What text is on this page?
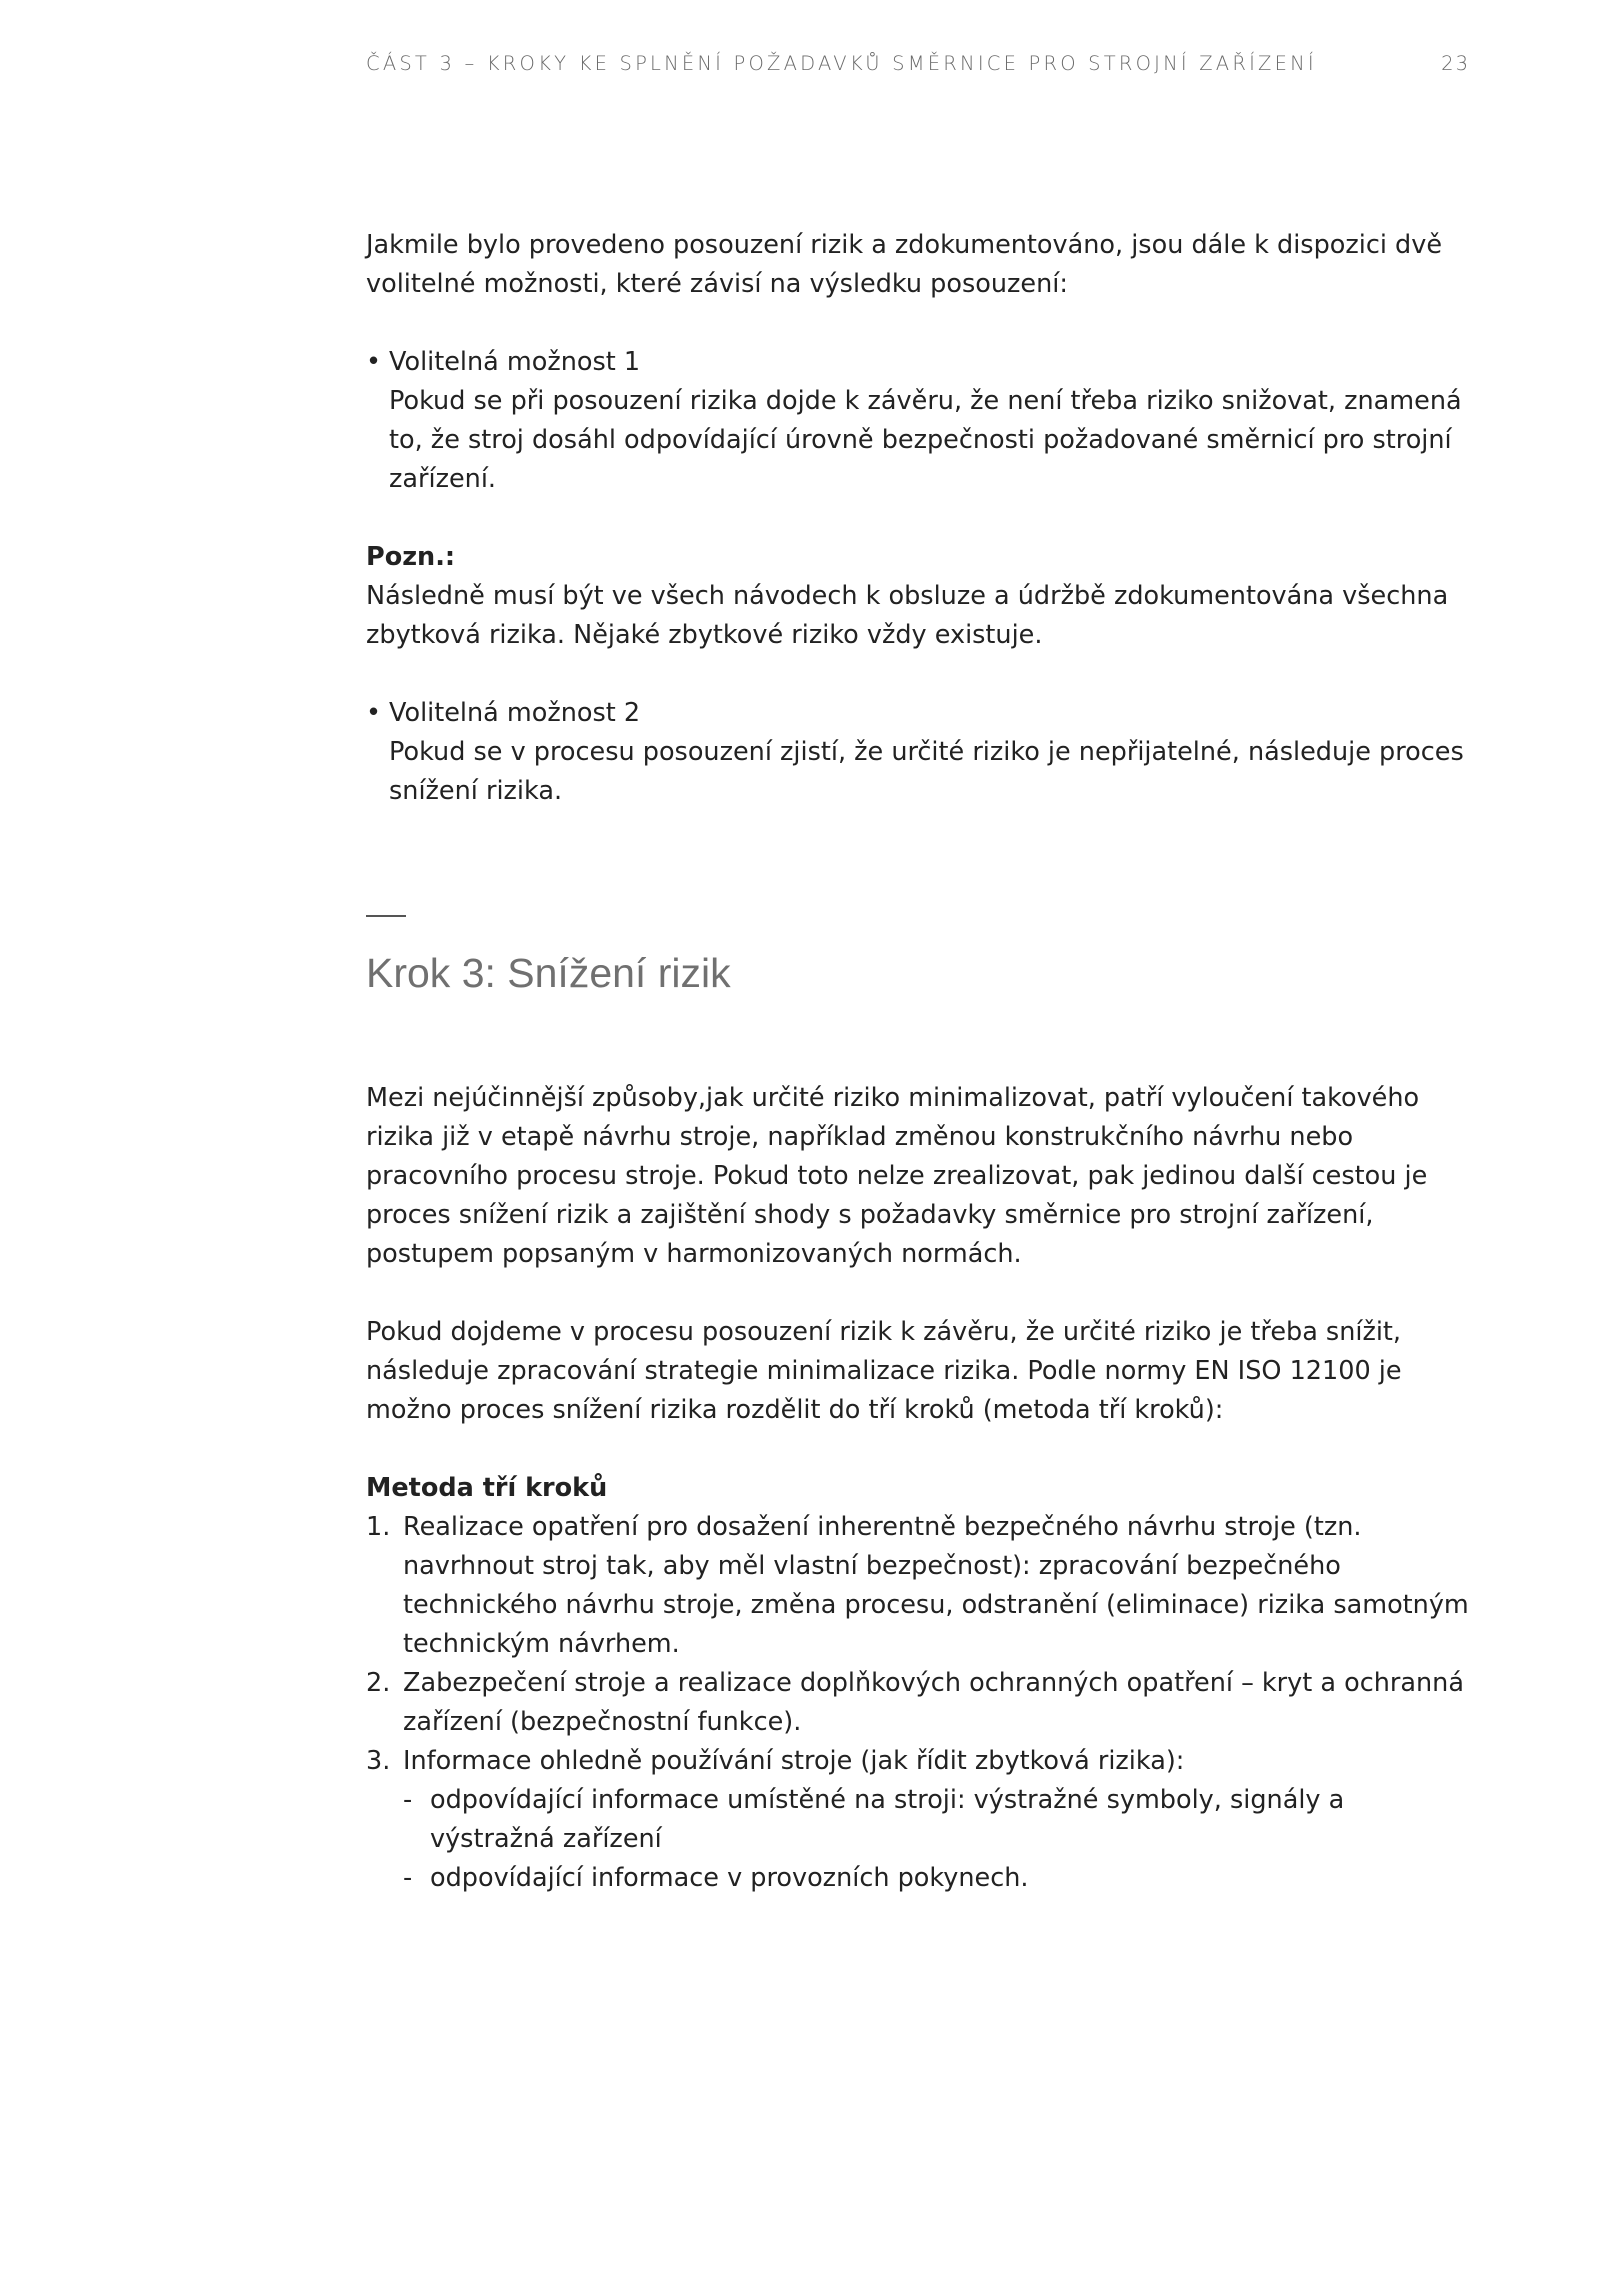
ČÁST 3 – KROKY KE SPLNĚNÍ POŽADAVKŮ SMĚRNICE PRO STROJNÍ ZAŘÍZENÍ	23

Jakmile bylo provedeno posouzení rizik a zdokumentováno, jsou dále k dispozici dvě volitelné možnosti, které závisí na výsledku posouzení:

• Volitelná možnost 1
Pokud se při posouzení rizika dojde k závěru, že není třeba riziko snižovat, znamená to, že stroj dosáhl odpovídající úrovně bezpečnosti požadované směrnicí pro strojní zařízení.
Pozn.:
Následně musí být ve všech návodech k obsluze a údržbě zdokumentována všechna zbytková rizika. Nějaké zbytkové riziko vždy existuje.
• Volitelná možnost 2
Pokud se v procesu posouzení zjistí, že určité riziko je nepřijatelné, následuje proces snížení rizika.
Krok 3: Snížení rizik

Mezi nejúčinnější způsoby,jak určité riziko minimalizovat, patří vyloučení takového rizika již v etapě návrhu stroje, například změnou konstrukčního návrhu nebo pracovního procesu stroje. Pokud toto nelze zrealizovat, pak jedinou další cestou je proces snížení rizik a zajištění shody s požadavky směrnice pro strojní zařízení, postupem popsaným v harmonizovaných normách.

Pokud dojdeme v procesu posouzení rizik k závěru, že určité riziko je třeba snížit, následuje zpracování strategie minimalizace rizika. Podle normy EN ISO 12100 je možno proces snížení rizika rozdělit do tří kroků (metoda tří kroků):

Metoda tří kroků
1. Realizace opatření pro dosažení inherentně bezpečného návrhu stroje (tzn. navrhnout stroj tak, aby měl vlastní bezpečnost): zpracování bezpečného technického návrhu stroje, změna procesu, odstranění (eliminace) rizika samotným technickým návrhem.
2. Zabezpečení stroje a realizace doplňkových ochranných opatření – kryt a ochranná zařízení (bezpečnostní funkce).
3. Informace ohledně používání stroje (jak řídit zbytková rizika):
- odpovídající informace umístěné na stroji: výstražné symboly, signály a výstražná zařízení
- odpovídající informace v provozních pokynech.
